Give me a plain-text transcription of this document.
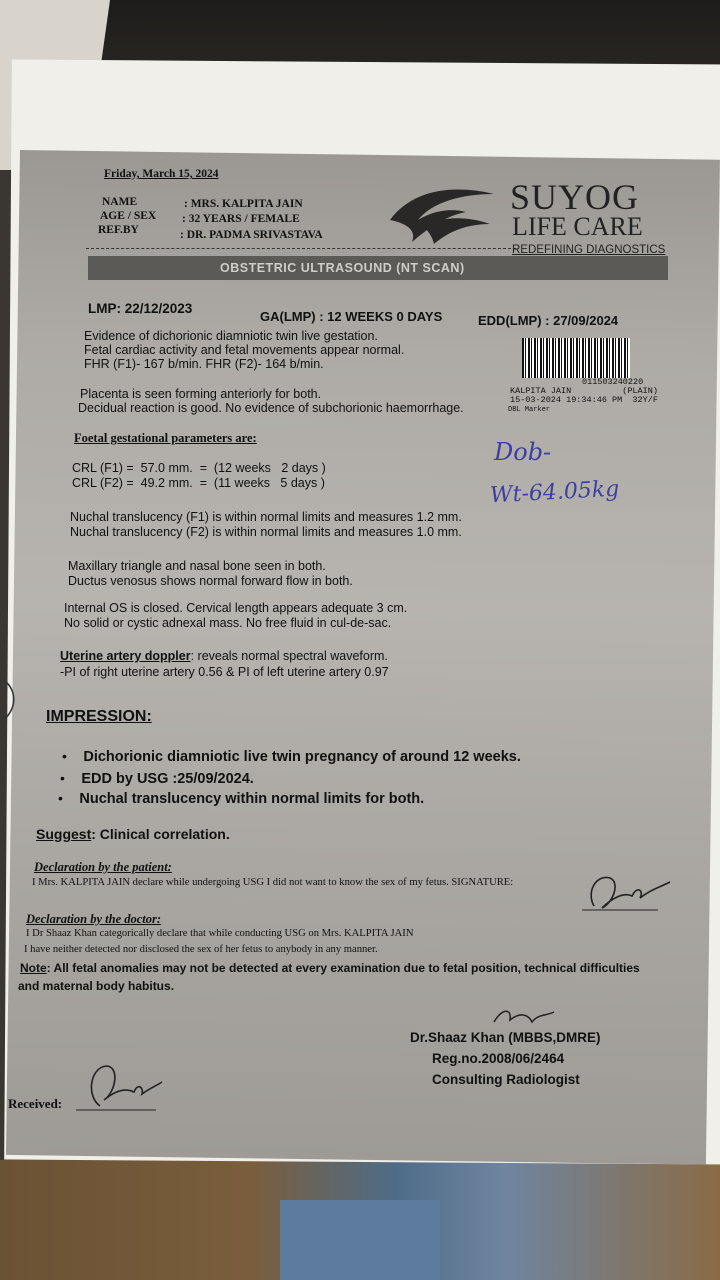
Friday, March 15, 2024
NAME	: MRS. KALPITA JAIN
AGE / SEX : 32 YEARS / FEMALE
REF.BY	: DR. PADMA SRIVASTAVA
SUYOG
LIFE CARE
REDEFINING DIAGNOSTICS
OBSTETRIC ULTRASOUND (NT SCAN)
LMP: 22/12/2023
GA(LMP) : 12 WEEKS 0 DAYS	EDD(LMP) : 27/09/2024
011503240220
KALPITA JAIN          (PLAIN)
15-03-2024 19:34:46 PM  32Y/F
DBL Marker
Dob-
Wt-64.05kg
Evidence of dichorionic diamniotic twin live gestation.
Fetal cardiac activity and fetal movements appear normal.
FHR (F1)- 167 b/min. FHR (F2)- 164 b/min.
Placenta is seen forming anteriorly for both.
Decidual reaction is good. No evidence of subchorionic haemorrhage.
Foetal gestational parameters are:
CRL (F1) =  57.0 mm.  =  (12 weeks   2 days )
CRL (F2) =  49.2 mm.  =  (11 weeks   5 days )
Nuchal translucency (F1) is within normal limits and measures 1.2 mm.
Nuchal translucency (F2) is within normal limits and measures 1.0 mm.
Maxillary triangle and nasal bone seen in both.
Ductus venosus shows normal forward flow in both.
Internal OS is closed. Cervical length appears adequate 3 cm.
No solid or cystic adnexal mass. No free fluid in cul-de-sac.
Uterine artery doppler: reveals normal spectral waveform.
-PI of right uterine artery 0.56 & PI of left uterine artery 0.97
IMPRESSION:
• Dichorionic diamniotic live twin pregnancy of around 12 weeks.
• EDD by USG :25/09/2024.
• Nuchal translucency within normal limits for both.
Suggest: Clinical correlation.
Declaration by the patient:
I Mrs. KALPITA JAIN declare while undergoing USG I did not want to know the sex of my fetus. SIGNATURE:
Declaration by the doctor:
I Dr Shaaz Khan categorically declare that while conducting USG on Mrs. KALPITA JAIN
I have neither detected nor disclosed the sex of her fetus to anybody in any manner.
Note: All fetal anomalies may not be detected at every examination due to fetal position, technical difficulties
and maternal body habitus.
Dr.Shaaz Khan (MBBS,DMRE)
Reg.no.2008/06/2464
Consulting Radiologist
Received:
